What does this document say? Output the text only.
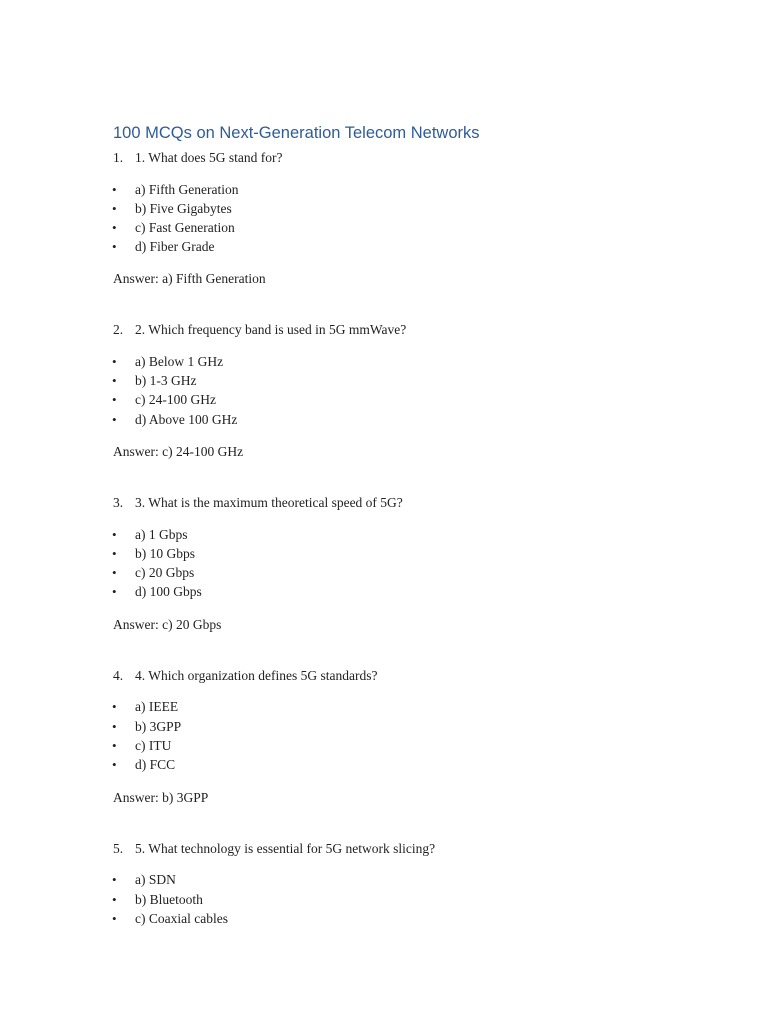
100 MCQs on Next-Generation Telecom Networks
1. 1. What does 5G stand for?
• a) Fifth Generation
• b) Five Gigabytes
• c) Fast Generation
• d) Fiber Grade
Answer: a) Fifth Generation
2. 2. Which frequency band is used in 5G mmWave?
• a) Below 1 GHz
• b) 1-3 GHz
• c) 24-100 GHz
• d) Above 100 GHz
Answer: c) 24-100 GHz
3. 3. What is the maximum theoretical speed of 5G?
• a) 1 Gbps
• b) 10 Gbps
• c) 20 Gbps
• d) 100 Gbps
Answer: c) 20 Gbps
4. 4. Which organization defines 5G standards?
• a) IEEE
• b) 3GPP
• c) ITU
• d) FCC
Answer: b) 3GPP
5. 5. What technology is essential for 5G network slicing?
• a) SDN
• b) Bluetooth
• c) Coaxial cables
